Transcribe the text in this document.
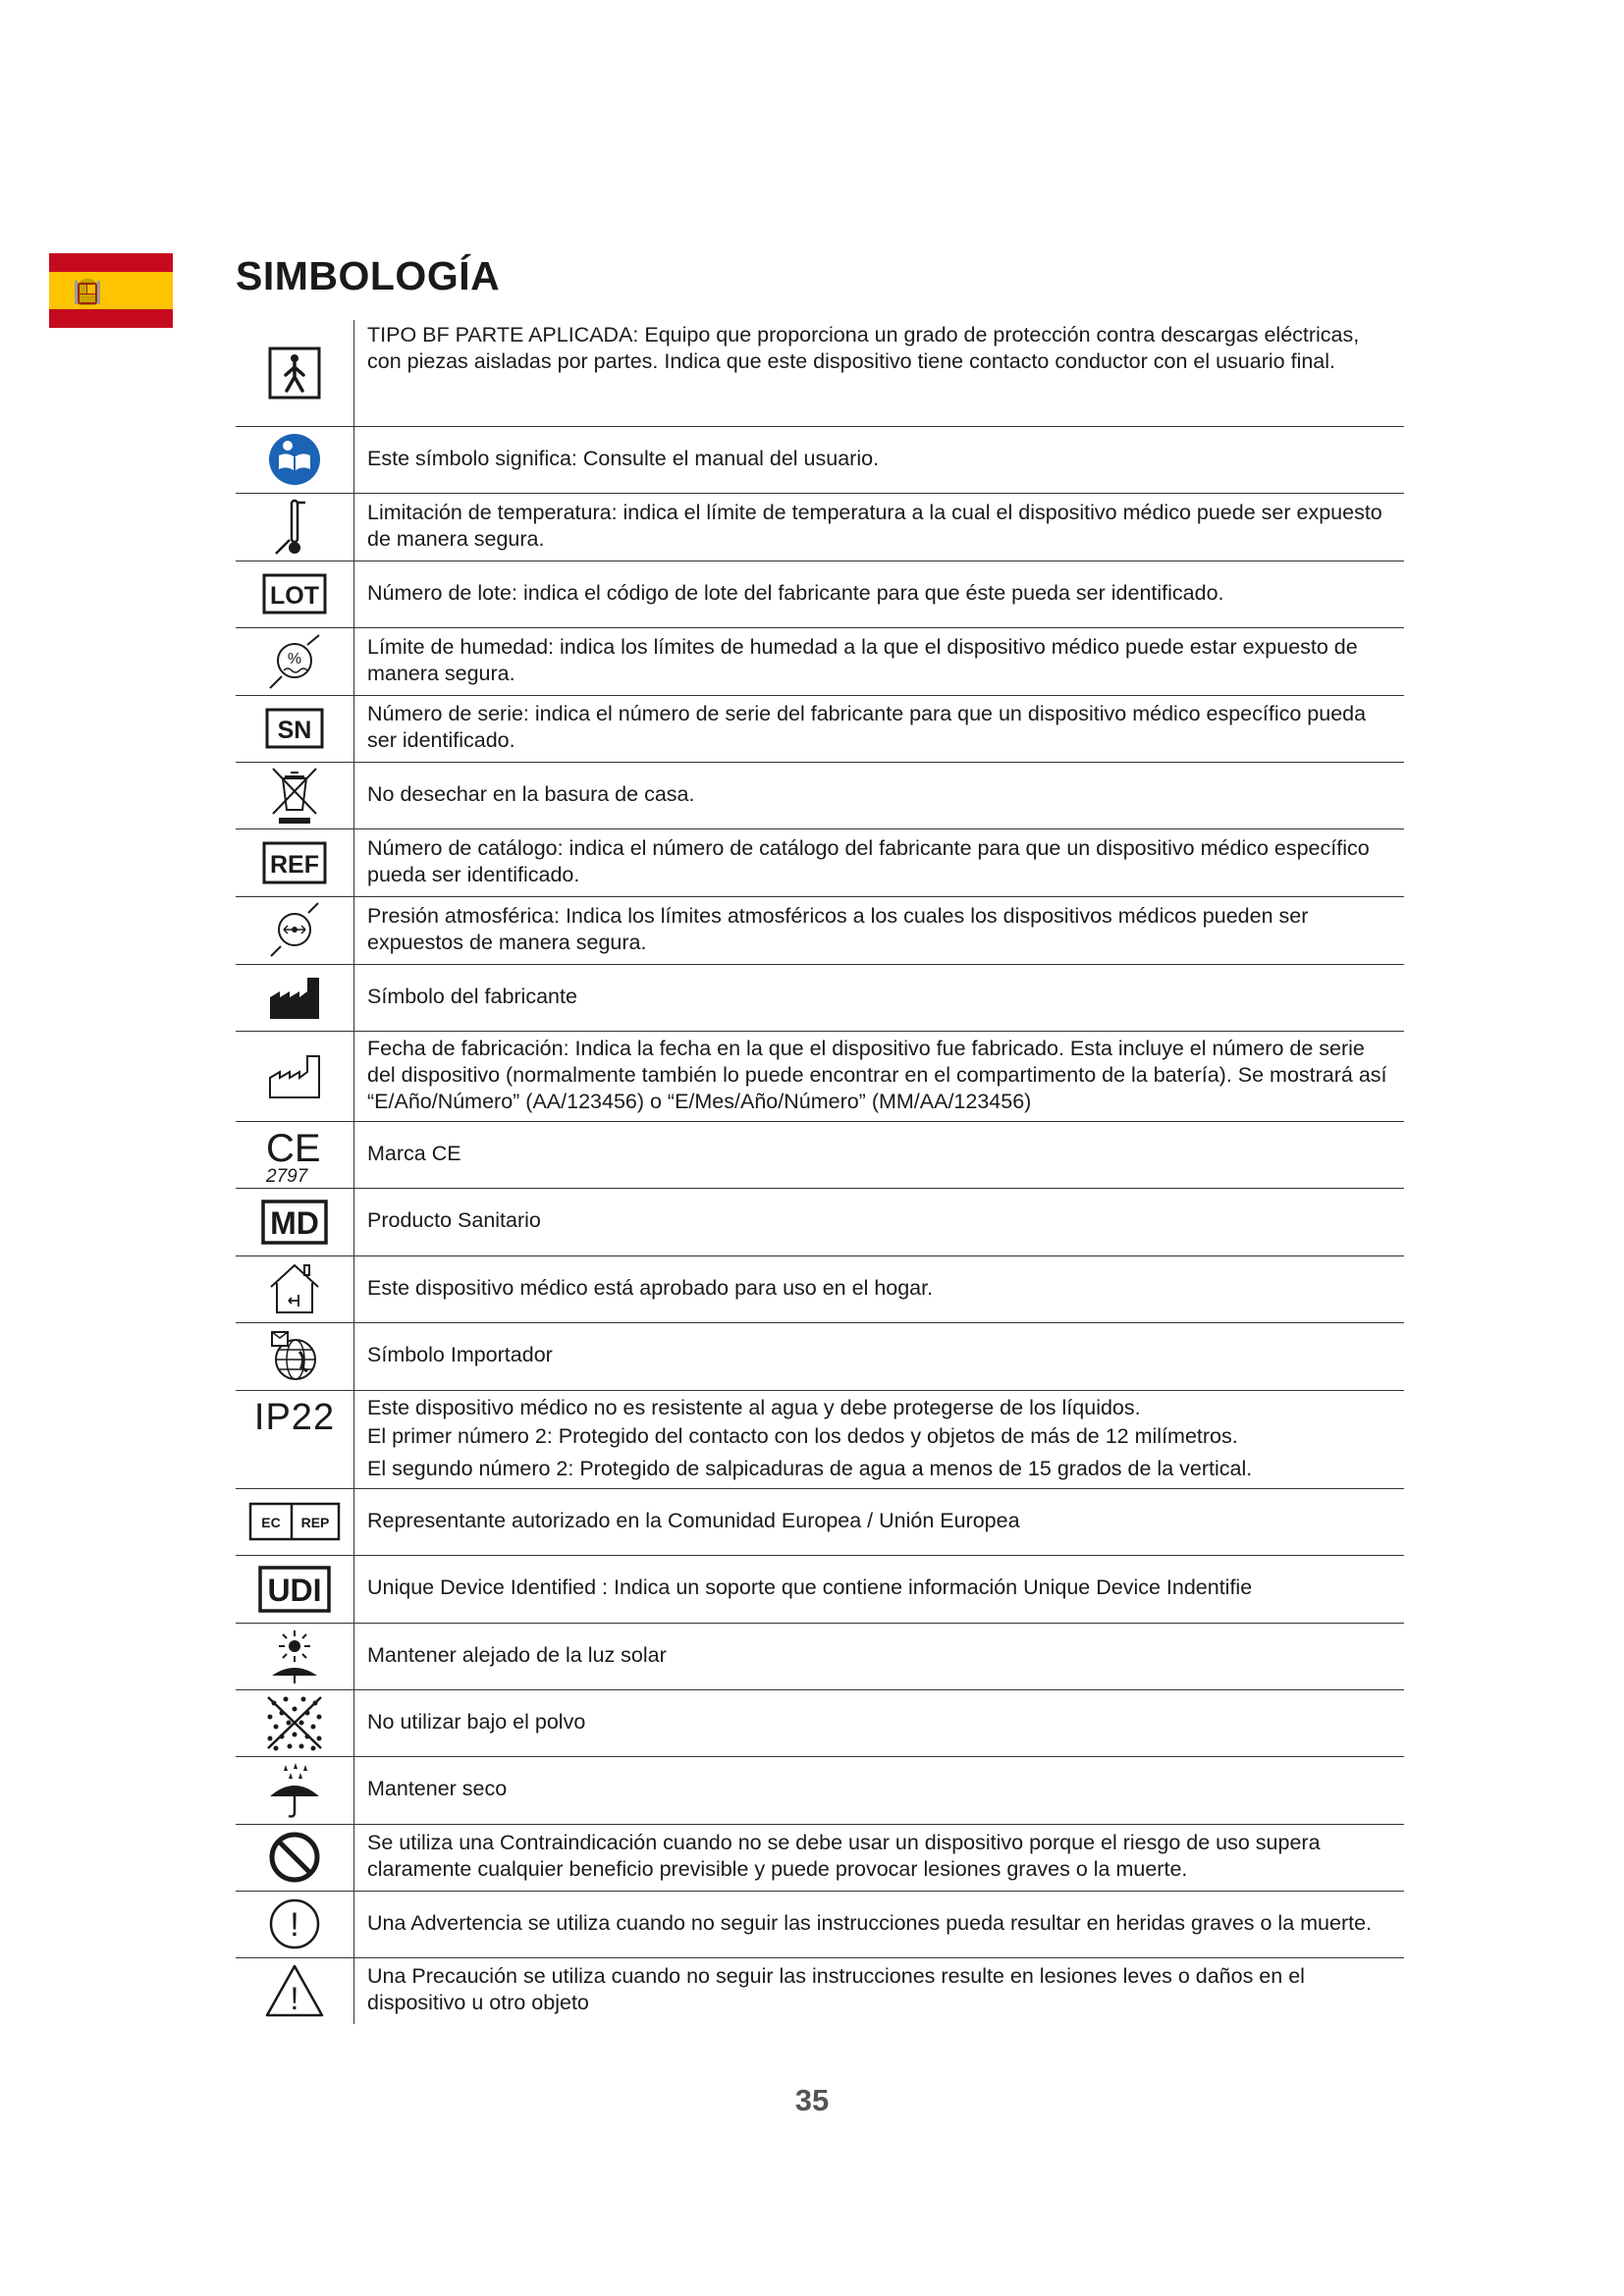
SIMBOLOGÍA

TIPO BF PARTE APLICADA: Equipo que proporciona un grado de protección contra descargas eléctricas, con piezas aisladas por partes. Indica que este dispositivo tiene contacto conductor con el usuario final.

Este símbolo significa: Consulte el manual del usuario.

Limitación de temperatura: indica el límite de temperatura a la cual el dispositivo médico puede ser expuesto de manera segura.

LOT	Número de lote: indica el código de lote del fabricante para que éste pueda ser identificado.

%	Límite de humedad: indica los límites de humedad a la que el dispositivo médico puede estar expuesto de manera segura.

SN	Número de serie: indica el número de serie del fabricante para que un dispositivo médico específico pueda ser identificado.

No desechar en la basura de casa.

REF	Número de catálogo: indica el número de catálogo del fabricante para que un dispositivo médico específico pueda ser identificado.

Presión atmosférica: Indica los límites atmosféricos a los cuales los dispositivos médicos pueden ser expuestos de manera segura.

Símbolo del fabricante

Fecha de fabricación: Indica la fecha en la que el dispositivo fue fabricado. Esta incluye el número de serie del dispositivo (normalmente también lo puede encontrar en el compartimento de la batería). Se mostrará así “E/Año/Número” (AA/123456) o “E/Mes/Año/Número” (MM/AA/123456)

CE
2797	Marca CE

MD	Producto Sanitario

Este dispositivo médico está aprobado para uso en el hogar.

Símbolo Importador

IP22	Este dispositivo médico no es resistente al agua y debe protegerse de los líquidos.
El primer número 2: Protegido del contacto con los dedos y objetos de más de 12 milímetros.
El segundo número 2: Protegido de salpicaduras de agua a menos de 15 grados de la vertical.

EC REP	Representante autorizado en la Comunidad Europea / Unión Europea

UDI	Unique Device Identified : Indica un soporte que contiene información Unique Device Indentifie

Mantener alejado de la luz solar

No utilizar bajo el polvo

Mantener seco

Se utiliza una Contraindicación cuando no se debe usar un dispositivo porque el riesgo de uso supera claramente cualquier beneficio previsible y puede provocar lesiones graves o la muerte.

!	Una Advertencia se utiliza cuando no seguir las instrucciones pueda resultar en heridas graves o la muerte.

!	Una Precaución se utiliza cuando no seguir las instrucciones resulte en lesiones leves o daños en el dispositivo u otro objeto
35
